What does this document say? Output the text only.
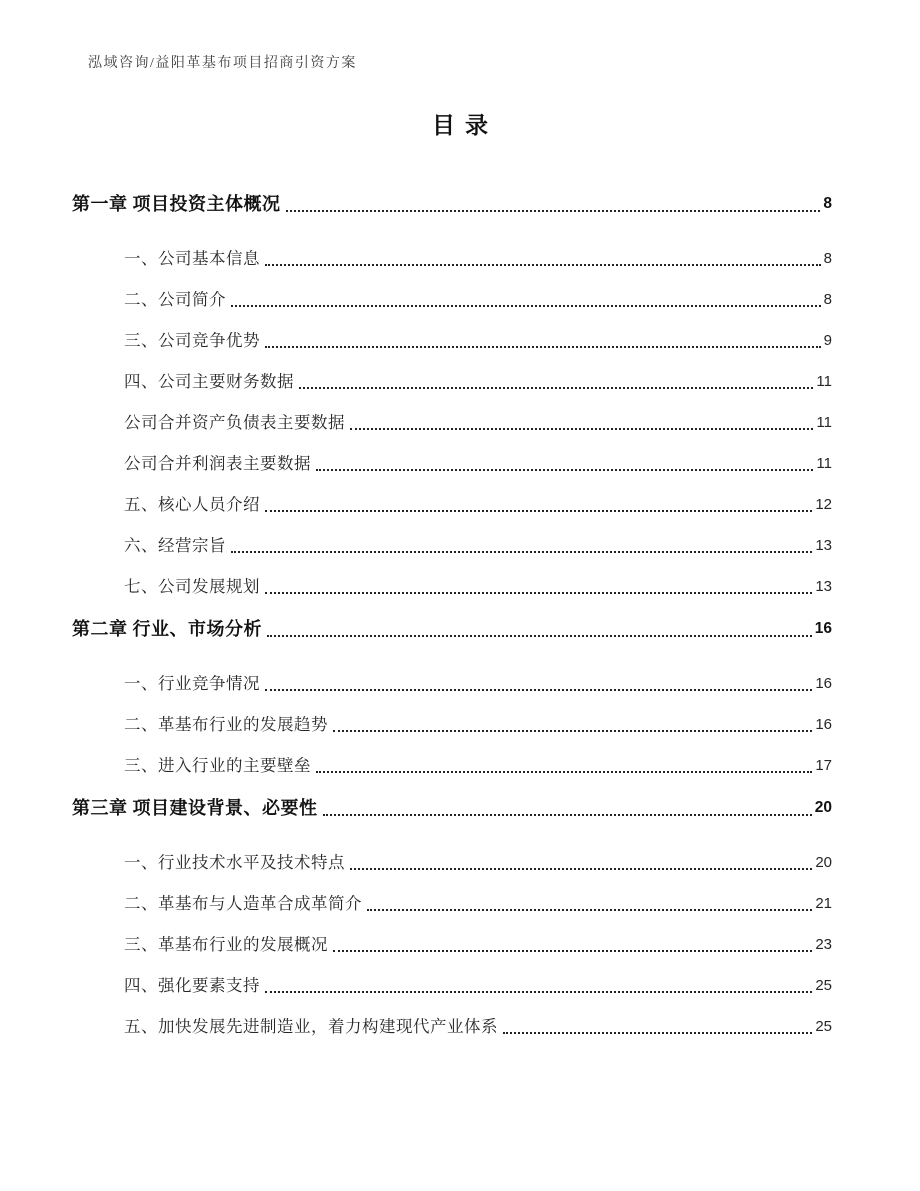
泓域咨询/益阳革基布项目招商引资方案
目录
第一章 项目投资主体概况	8
一、公司基本信息	8
二、公司简介	8
三、公司竞争优势	9
四、公司主要财务数据	11
公司合并资产负债表主要数据	11
公司合并利润表主要数据	11
五、核心人员介绍	12
六、经营宗旨	13
七、公司发展规划	13
第二章 行业、市场分析	16
一、行业竞争情况	16
二、革基布行业的发展趋势	16
三、进入行业的主要壁垒	17
第三章 项目建设背景、必要性	20
一、行业技术水平及技术特点	20
二、革基布与人造革合成革简介	21
三、革基布行业的发展概况	23
四、强化要素支持	25
五、加快发展先进制造业，着力构建现代产业体系	25
